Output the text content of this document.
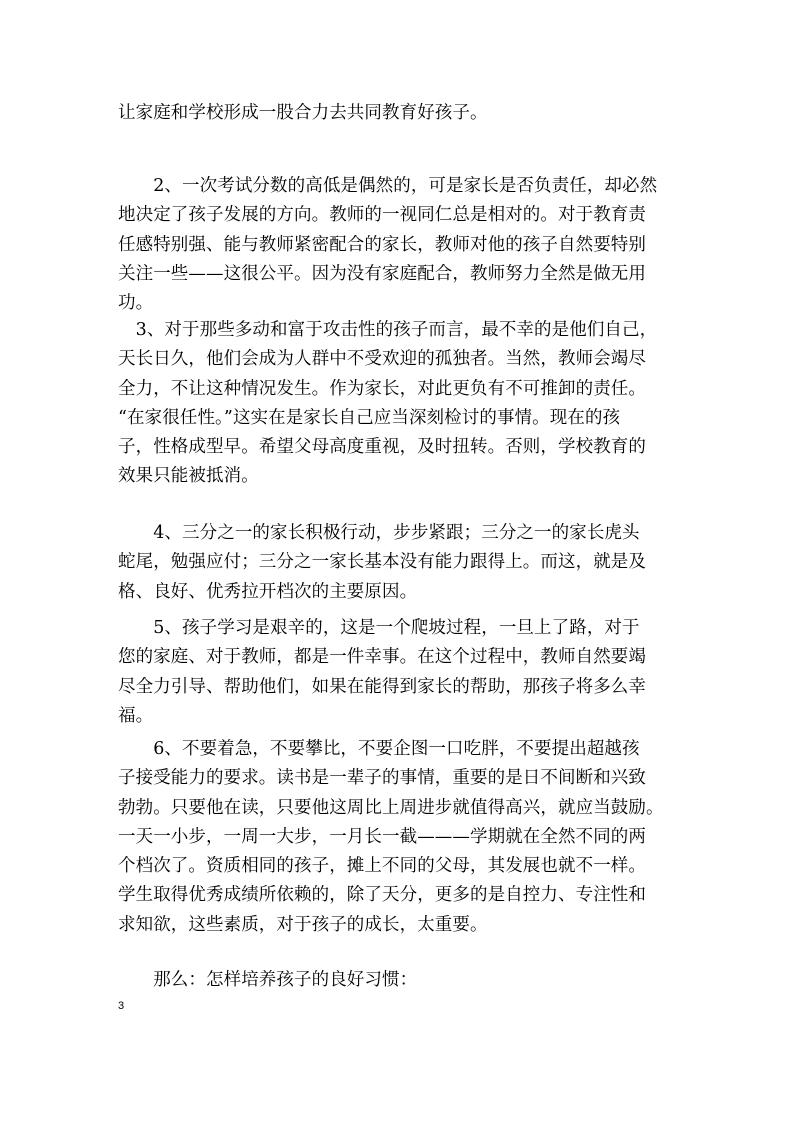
让家庭和学校形成一股合力去共同教育好孩子。

　　2、一次考试分数的高低是偶然的，可是家长是否负责任，却必然
地决定了孩子发展的方向。教师的一视同仁总是相对的。对于教育责
任感特别强、能与教师紧密配合的家长，教师对他的孩子自然要特别
关注一些——这很公平。因为没有家庭配合，教师努力全然是做无用
功。

　3、对于那些多动和富于攻击性的孩子而言，最不幸的是他们自己，
天长日久，他们会成为人群中不受欢迎的孤独者。当然，教师会竭尽
全力，不让这种情况发生。作为家长，对此更负有不可推卸的责任。
“在家很任性。”这实在是家长自己应当深刻检讨的事情。现在的孩
子，性格成型早。希望父母高度重视，及时扭转。否则，学校教育的
效果只能被抵消。

　　4、三分之一的家长积极行动，步步紧跟；三分之一的家长虎头
蛇尾，勉强应付；三分之一家长基本没有能力跟得上。而这，就是及
格、良好、优秀拉开档次的主要原因。

　　5、孩子学习是艰辛的，这是一个爬坡过程，一旦上了路，对于
您的家庭、对于教师，都是一件幸事。在这个过程中，教师自然要竭
尽全力引导、帮助他们，如果在能得到家长的帮助，那孩子将多么幸
福。

　　6、不要着急，不要攀比，不要企图一口吃胖，不要提出超越孩
子接受能力的要求。读书是一辈子的事情，重要的是日不间断和兴致
勃勃。只要他在读，只要他这周比上周进步就值得高兴，就应当鼓励。
一天一小步，一周一大步，一月长一截———学期就在全然不同的两
个档次了。资质相同的孩子，摊上不同的父母，其发展也就不一样。
学生取得优秀成绩所依赖的，除了天分，更多的是自控力、专注性和
求知欲，这些素质，对于孩子的成长，太重要。

　　那么：怎样培养孩子的良好习惯：

3
